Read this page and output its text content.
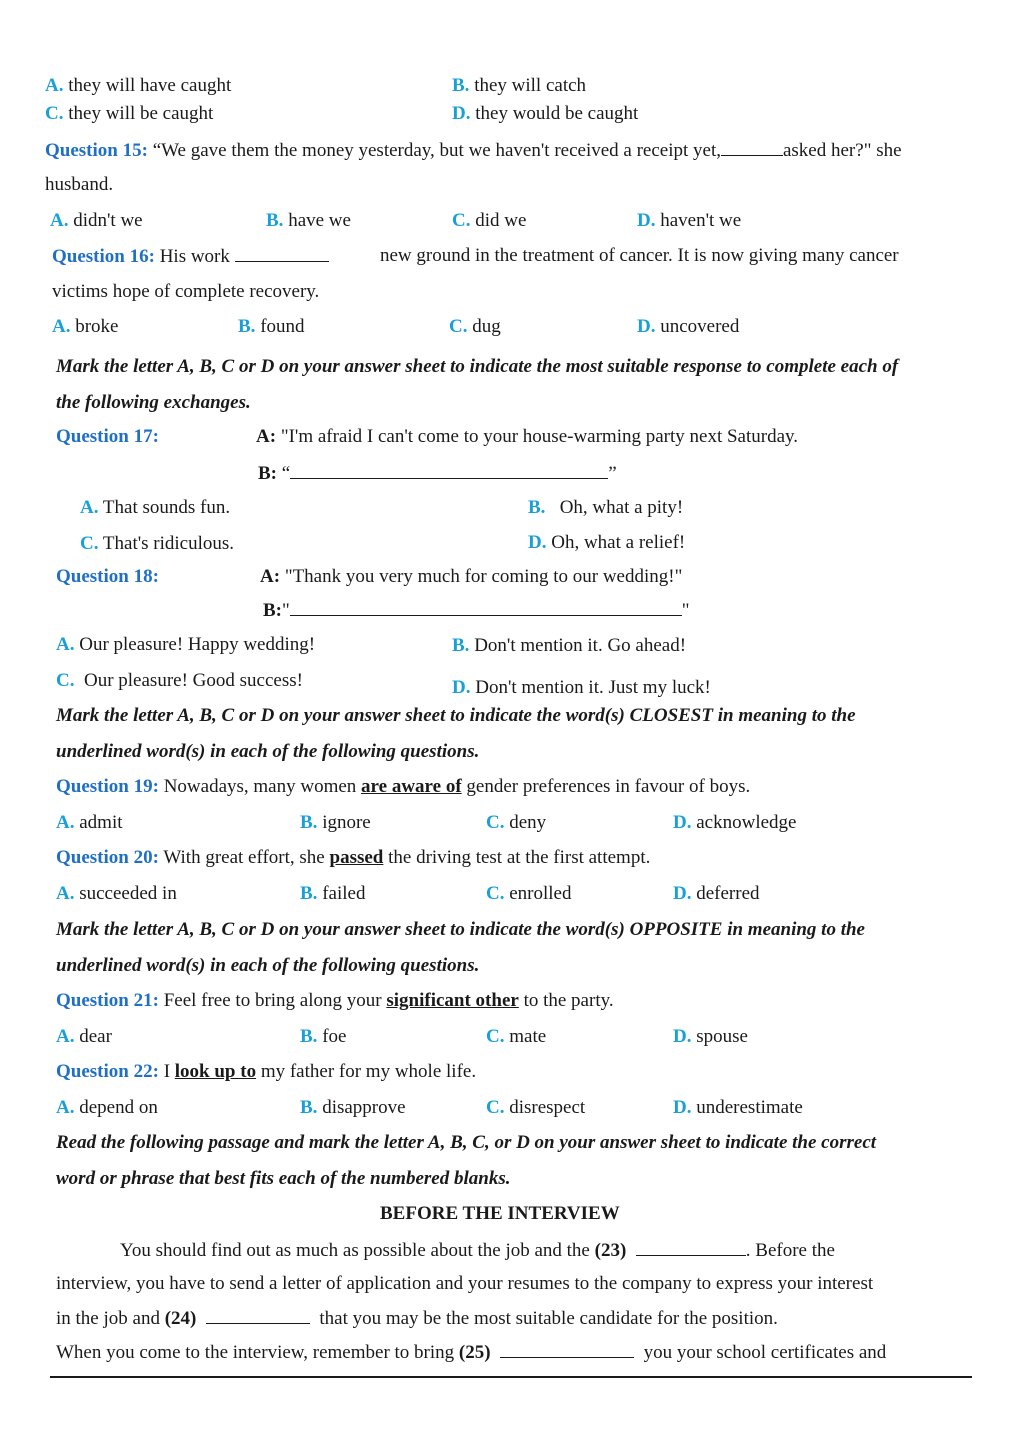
A. they will have caught	B. they will catch
C. they will be caught	D. they would be caught
Question 15: “We gave them the money yesterday, but we haven't received a receipt yet,	asked her?" she
husband.
A. didn't we	B. have we	C. did we	D. haven't we
Question 16: His work	new ground in the treatment of cancer. It is now giving many cancer
victims hope of complete recovery.
A. broke	B. found	C. dug	D. uncovered
Mark the letter A, B, C or D on your answer sheet to indicate the most suitable response to complete each of
the following exchanges.
Question 17:	A: "I'm afraid I can't come to your house-warming party next Saturday.
B: “	”
A. That sounds fun.	B. Oh, what a pity!
C. That's ridiculous.	D. Oh, what a relief!
Question 18:	A: "Thank you very much for coming to our wedding!"
B:"	"
A. Our pleasure! Happy wedding!	B. Don't mention it. Go ahead!
C. Our pleasure! Good success!	D. Don't mention it. Just my luck!
Mark the letter A, B, C or D on your answer sheet to indicate the word(s) CLOSEST in meaning to the
underlined word(s) in each of the following questions.
Question 19: Nowadays, many women are aware of gender preferences in favour of boys.
A. admit	B. ignore	C. deny	D. acknowledge
Question 20: With great effort, she passed the driving test at the first attempt.
A. succeeded in	B. failed	C. enrolled	D. deferred
Mark the letter A, B, C or D on your answer sheet to indicate the word(s) OPPOSITE in meaning to the
underlined word(s) in each of the following questions.
Question 21: Feel free to bring along your significant other to the party.
A. dear	B. foe	C. mate	D. spouse
Question 22: I look up to my father for my whole life.
A. depend on	B. disapprove	C. disrespect	D. underestimate
Read the following passage and mark the letter A, B, C, or D on your answer sheet to indicate the correct
word or phrase that best fits each of the numbered blanks.
BEFORE THE INTERVIEW
You should find out as much as possible about the job and the (23)	. Before the
interview, you have to send a letter of application and your resumes to the company to express your interest
in the job and (24)	that you may be the most suitable candidate for the position.
When you come to the interview, remember to bring (25)	you your school certificates and
